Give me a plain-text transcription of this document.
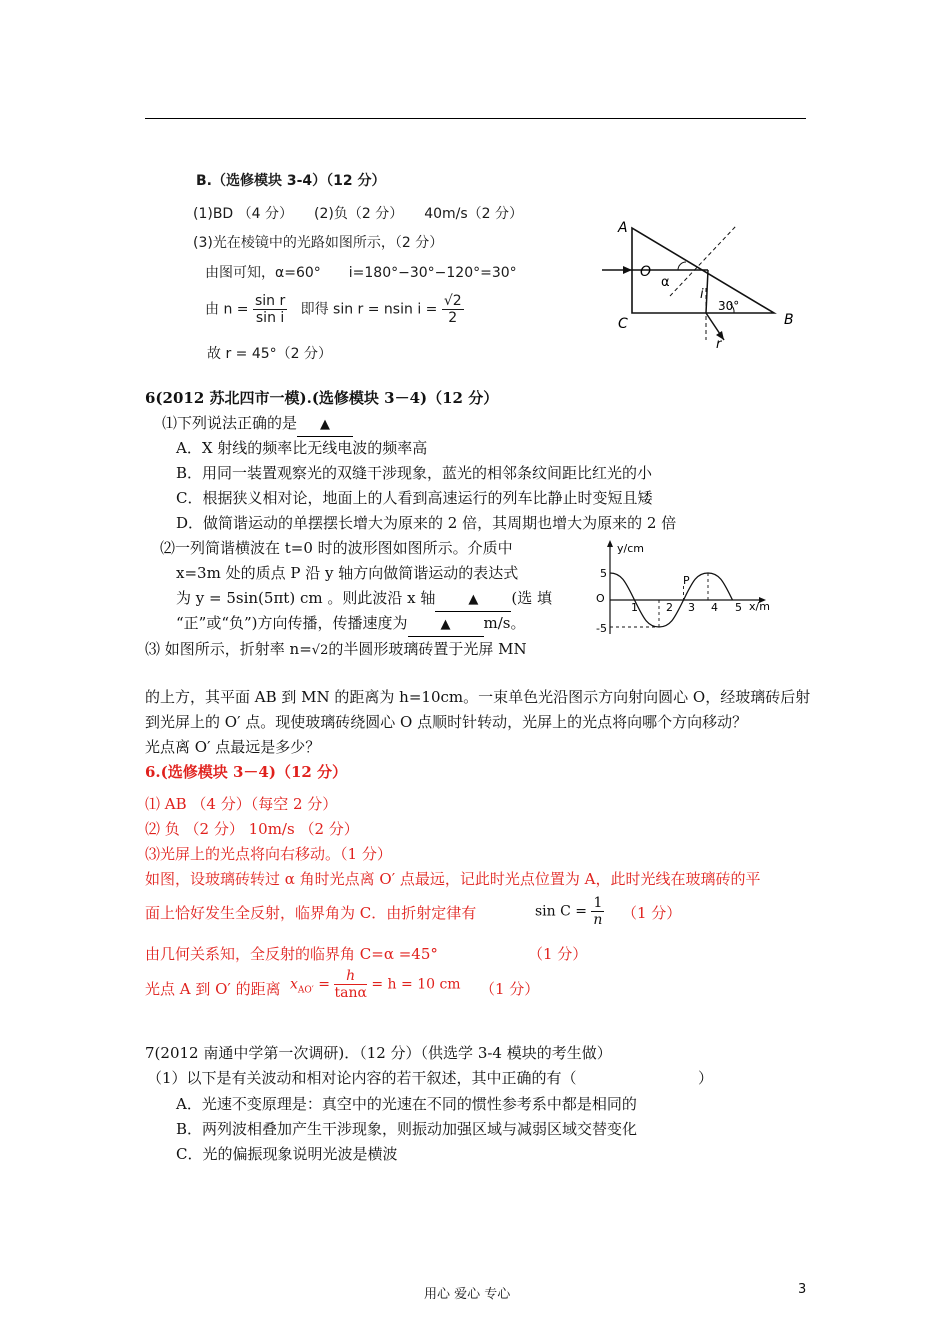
B.（选修模块 3-4）（12 分）
(1)BD （4 分）　　(2)负（2 分）　　40m/s（2 分）
(3)光在棱镜中的光路如图所示，（2 分）
由图可知，α=60°　　i=180°−30°−120°=30°
由 $n = \frac{\text{sin r}}{\text{sin i}}$ 即得 sin r = nsin $i = \frac{√2}{2}$
故 r = 45°（2 分）
A
B
C
O
α
i
30°
r
6(2012 苏北四市一模).(选修模块 3－4)（12 分）
⑴下列说法正确的是 ▲
A．X 射线的频率比无线电波的频率高
B．用同一装置观察光的双缝干涉现象，蓝光的相邻条纹间距比红光的小
C．根据狭义相对论，地面上的人看到高速运行的列车比静止时变短且矮
D．做简谐运动的单摆摆长增大为原来的 2 倍，其周期也增大为原来的 2 倍
⑵一列简谐横波在 t=0 时的波形图如图所示。介质中
x=3m 处的质点 P 沿 y 轴方向做简谐运动的表达式
为 y = 5sin(5πt) cm 。则此波沿 x 轴	▲ (选 填
“正”或“负”)方向传播，传播速度为	▲ m/s。
⑶ 如图所示，折射率 n=√2的半圆形玻璃砖置于光屏 MN
的上方，其平面 AB 到 MN 的距离为 h=10cm。一束单色光沿图示方向射向圆心 O，经玻璃砖后射
到光屏上的 O′ 点。现使玻璃砖绕圆心 O 点顺时针转动，光屏上的光点将向哪个方向移动？
光点离 O′ 点最远是多少？
y/cm
x/m
O
P
5
-5
1	2 3 4 5
6.(选修模块 3－4)（12 分）
⑴ AB （4 分）（每空 2 分）
⑵ 负 （2 分） 10m/s （2 分）
⑶光屏上的光点将向右移动。（1 分）
如图，设玻璃砖转过 α 角时光点离 O′ 点最远，记此时光点位置为 A，此时光线在玻璃砖的平
面上恰好发生全反射，临界角为 C．由折射定律有	$\sin C = \frac{1}{n} (1$ 分）
由几何关系知，全反射的临界角 C=α =45°	（1 分）
光点 A 到 O′ 的距离 $x_{AO'} = \frac{h}{\tan\alpha} = h = 10$ cm （1 分）
7(2012 南通中学第一次调研)．（12 分）（供选学 3-4 模块的考生做）
（1）以下是有关波动和相对论内容的若干叙述，其中正确的有（	）
A．光速不变原理是：真空中的光速在不同的惯性参考系中都是相同的
B．两列波相叠加产生干涉现象，则振动加强区域与减弱区域交替变化
C．光的偏振现象说明光波是横波
用心 爱心 专心	3
